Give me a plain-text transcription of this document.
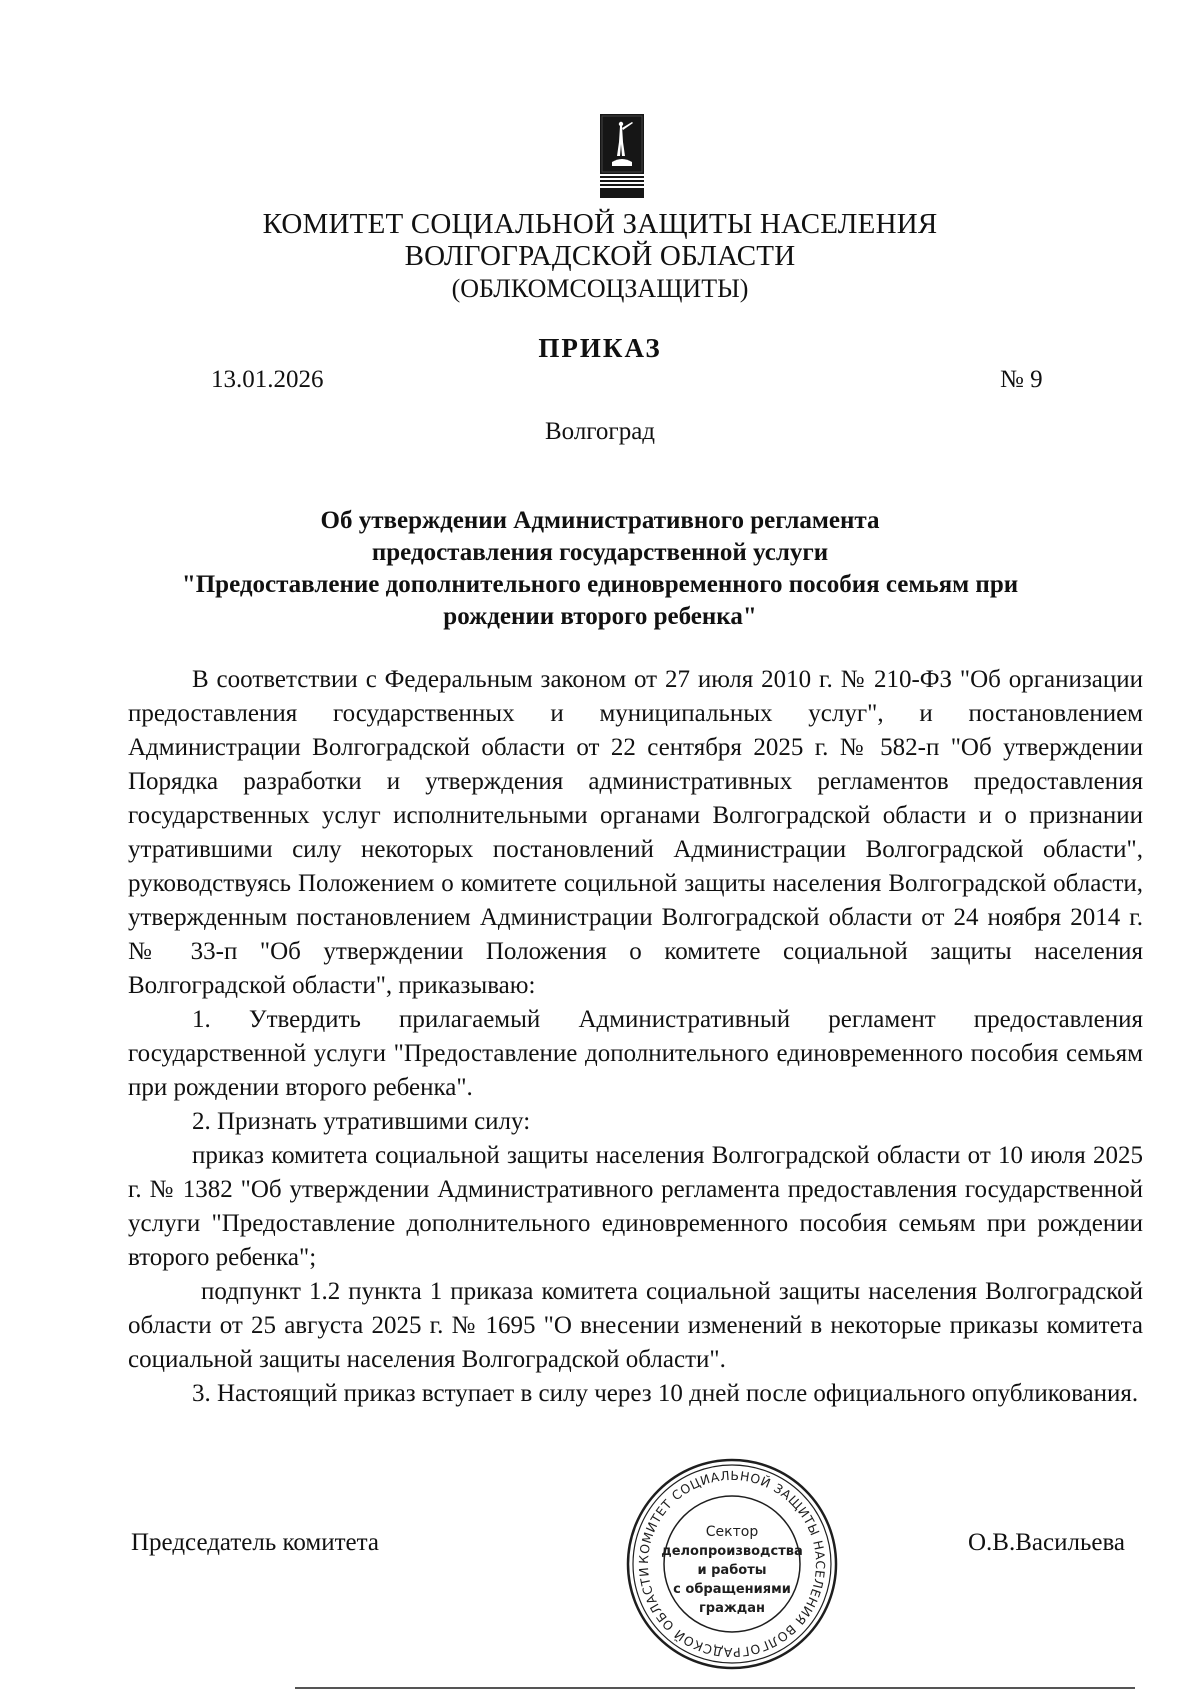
КОМИТЕТ СОЦИАЛЬНОЙ ЗАЩИТЫ НАСЕЛЕНИЯ
ВОЛГОГРАДСКОЙ ОБЛАСТИ
(ОБЛКОМСОЦЗАЩИТЫ)
ПРИКАЗ
13.01.2026	№ 9
Волгоград
Об утверждении Административного регламента
предоставления государственной услуги
"Предоставление дополнительного единовременного пособия семьям при
рождении второго ребенка"

В соответствии с Федеральным законом от 27 июля 2010 г. № 210-ФЗ "Об организации предоставления государственных и муниципальных услуг", и постановлением Администрации Волгоградской области от 22 сентября 2025 г. № 582-п "Об утверждении Порядка разработки и утверждения административных регламентов предоставления государственных услуг исполнительными органами Волгоградской области и о признании утратившими силу некоторых постановлений Администрации Волгоградской области", руководствуясь Положением о комитете социльной защиты населения Волгоградской области, утвержденным постановлением Администрации Волгоградской области от 24 ноября 2014 г. № 33-п "Об утверждении Положения о комитете социальной защиты населения Волгоградской области", приказываю:

1. Утвердить прилагаемый Административный регламент предоставления государственной услуги "Предоставление дополнительного единовременного пособия семьям при рождении второго ребенка".

2. Признать утратившими силу:

приказ комитета социальной защиты населения Волгоградской области от 10 июля 2025 г. № 1382 "Об утверждении Административного регламента предоставления государственной услуги "Предоставление дополнительного единовременного пособия семьям при рождении второго ребенка";

подпункт 1.2 пункта 1 приказа комитета социальной защиты населения Волгоградской области от 25 августа 2025 г. № 1695 "О внесении изменений в некоторые приказы комитета социальной защиты населения Волгоградской области".

3. Настоящий приказ вступает в силу через 10 дней после официального опубликования.

Председатель комитета	О.В.Васильева
КОМИТЕТ СОЦИАЛЬНОЙ ЗАЩИТЫ НАСЕЛЕНИЯ ВОЛГОГРАДСКОЙ ОБЛАСТИ
Сектор
делопроизводства
и работы
с обращениями
граждан
